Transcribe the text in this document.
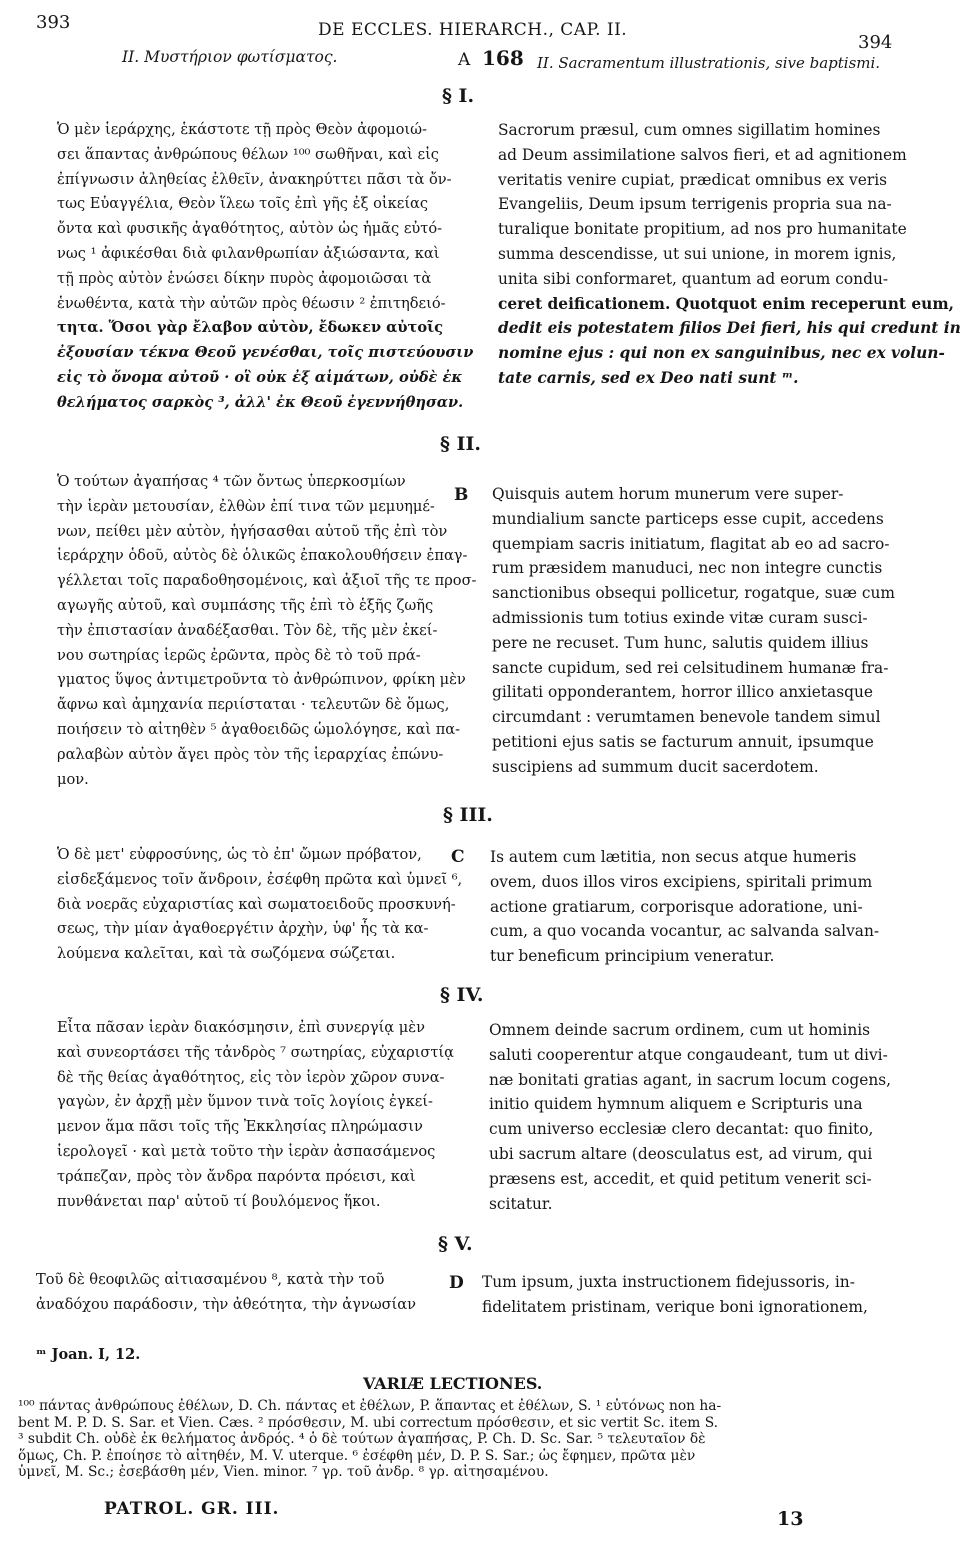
393	DE ECCLES. HIERARCH., CAP. II.
394
II. Μυστήριον φωτίσματος.	A 168 II. Sacramentum illustrationis, sive baptismi.
§ I.
Ὁ μὲν ἱεράρχης, ἑκάστοτε τῇ πρὸς Θεὸν ἀφομοιώ-
σει ἅπαντας ἀνθρώπους θέλων ¹⁰⁰ σωθῆναι, καὶ εἰς
ἐπίγνωσιν ἀληθείας ἐλθεῖν, ἀνακηρύττει πᾶσι τὰ ὄν-
τως Εὐαγγέλια, Θεὸν ἵλεω τοῖς ἐπὶ γῆς ἐξ οἰκείας
ὄντα καὶ φυσικῆς ἀγαθότητος, αὐτὸν ὡς ἡμᾶς εὐτό-
νως ¹ ἀφικέσθαι διὰ φιλανθρωπίαν ἀξιώσαντα, καὶ
τῇ πρὸς αὐτὸν ἑνώσει δίκην πυρὸς ἀφομοιῶσαι τὰ
ἑνωθέντα, κατὰ τὴν αὐτῶν πρὸς θέωσιν ² ἐπιτηδειό-
τητα. Ὅσοι γὰρ ἔλαβον αὐτὸν, ἔδωκεν αὐτοῖς
ἐξουσίαν τέκνα Θεοῦ γενέσθαι, τοῖς πιστεύουσιν
εἰς τὸ ὄνομα αὐτοῦ · οἳ οὐκ ἐξ αἱμάτων, οὐδὲ ἐκ
θελήματος σαρκὸς ³, ἀλλ' ἐκ Θεοῦ ἐγεννήθησαν.
Sacrorum præsul, cum omnes sigillatim homines
ad Deum assimilatione salvos fieri, et ad agnitionem
veritatis venire cupiat, prædicat omnibus ex veris
Evangeliis, Deum ipsum terrigenis propria sua na-
turalique bonitate propitium, ad nos pro humanitate
summa descendisse, ut sui unione, in morem ignis,
unita sibi conformaret, quantum ad eorum condu-
ceret deificationem. Quotquot enim receperunt eum,
dedit eis potestatem filios Dei fieri, his qui credunt in
nomine ejus : qui non ex sanguinibus, nec ex volun-
tate carnis, sed ex Deo nati sunt ᵐ.
§ II.
B
Ὁ τούτων ἀγαπήσας ⁴ τῶν ὄντως ὑπερκοσμίων
τὴν ἱερὰν μετουσίαν, ἐλθὼν ἐπί τινα τῶν μεμυημέ-
νων, πείθει μὲν αὐτὸν, ἡγήσασθαι αὐτοῦ τῆς ἐπὶ τὸν
ἱεράρχην ὁδοῦ, αὐτὸς δὲ ὁλικῶς ἐπακολουθήσειν ἐπαγ-
γέλλεται τοῖς παραδοθησομένοις, καὶ ἀξιοῖ τῆς τε προσ-
αγωγῆς αὐτοῦ, καὶ συμπάσης τῆς ἐπὶ τὸ ἑξῆς ζωῆς
τὴν ἐπιστασίαν ἀναδέξασθαι. Τὸν δὲ, τῆς μὲν ἐκεί-
νου σωτηρίας ἱερῶς ἐρῶντα, πρὸς δὲ τὸ τοῦ πρά-
γματος ὕψος ἀντιμετροῦντα τὸ ἀνθρώπινον, φρίκη μὲν
ἄφνω καὶ ἀμηχανία περιίσταται · τελευτῶν δὲ ὅμως,
ποιήσειν τὸ αἰτηθὲν ⁵ ἀγαθοειδῶς ὡμολόγησε, καὶ πα-
ραλαβὼν αὐτὸν ἄγει πρὸς τὸν τῆς ἱεραρχίας ἐπώνυ-
μον.
Quisquis autem horum munerum vere super-
mundialium sancte particeps esse cupit, accedens
quempiam sacris initiatum, flagitat ab eo ad sacro-
rum præsidem manuduci, nec non integre cunctis
sanctionibus obsequi pollicetur, rogatque, suæ cum
admissionis tum totius exinde vitæ curam susci-
pere ne recuset. Tum hunc, salutis quidem illius
sancte cupidum, sed rei celsitudinem humanæ fra-
gilitati opponderantem, horror illico anxietasque
circumdant : verumtamen benevole tandem simul
petitioni ejus satis se facturum annuit, ipsumque
suscipiens ad summum ducit sacerdotem.
§ III.
C
Ὁ δὲ μετ' εὐφροσύνης, ὡς τὸ ἐπ' ὤμων πρόβατον,
εἰσδεξάμενος τοῖν ἄνδροιν, ἐσέφθη πρῶτα καὶ ὑμνεῖ ⁶,
διὰ νοερᾶς εὐχαριστίας καὶ σωματοειδοῦς προσκυνή-
σεως, τὴν μίαν ἀγαθοεργέτιν ἀρχὴν, ὑφ' ἧς τὰ κα-
λούμενα καλεῖται, καὶ τὰ σωζόμενα σώζεται.
Is autem cum lætitia, non secus atque humeris
ovem, duos illos viros excipiens, spiritali primum
actione gratiarum, corporisque adoratione, uni-
cum, a quo vocanda vocantur, ac salvanda salvan-
tur beneficum principium veneratur.
§ IV.
Εἶτα πᾶσαν ἱερὰν διακόσμησιν, ἐπὶ συνεργίᾳ μὲν
καὶ συνεορτάσει τῆς τἀνδρὸς ⁷ σωτηρίας, εὐχαριστίᾳ
δὲ τῆς θείας ἀγαθότητος, εἰς τὸν ἱερὸν χῶρον συνα-
γαγὼν, ἐν ἀρχῇ μὲν ὕμνον τινὰ τοῖς λογίοις ἐγκεί-
μενον ἅμα πᾶσι τοῖς τῆς Ἐκκλησίας πληρώμασιν
ἱερολογεῖ · καὶ μετὰ τοῦτο τὴν ἱερὰν ἀσπασάμενος
τράπεζαν, πρὸς τὸν ἄνδρα παρόντα πρόεισι, καὶ
πυνθάνεται παρ' αὐτοῦ τί βουλόμενος ἥκοι.
Omnem deinde sacrum ordinem, cum ut hominis
saluti cooperentur atque congaudeant, tum ut divi-
næ bonitati gratias agant, in sacrum locum cogens,
initio quidem hymnum aliquem e Scripturis una
cum universo ecclesiæ clero decantat: quo finito,
ubi sacrum altare (deosculatus est, ad virum, qui
præsens est, accedit, et quid petitum venerit sci-
scitatur.
§ V.
D
Τοῦ δὲ θεοφιλῶς αἰτιασαμένου ⁸, κατὰ τὴν τοῦ
ἀναδόχου παράδοσιν, τὴν ἀθεότητα, τὴν ἀγνωσίαν
Tum ipsum, juxta instructionem fidejussoris, in-
fidelitatem pristinam, verique boni ignorationem,
ᵐ Joan. I, 12.
VARIÆ LECTIONES.
¹⁰⁰ πάντας ἀνθρώπους ἐθέλων, D. Ch. πάντας et ἐθέλων, P. ἅπαντας et ἐθέλων, S. ¹ εὐτόνως non ha-
bent M. P. D. S. Sar. et Vien. Cæs. ² πρόσθεσιν, M. ubi correctum πρόσθεσιν, et sic vertit Sc. item S.
³ subdit Ch. οὐδὲ ἐκ θελήματος ἀνδρός. ⁴ ὁ δὲ τούτων ἀγαπήσας, P. Ch. D. Sc. Sar. ⁵ τελευταῖον δὲ
ὅμως, Ch. P. ἐποίησε τὸ αἰτηθέν, M. V. uterque. ⁶ ἐσέφθη μέν, D. P. S. Sar.; ὡς ἔφημεν, πρῶτα μὲν
ὑμνεῖ, M. Sc.; ἐσεβάσθη μέν, Vien. minor. ⁷ γρ. τοῦ ἀνδρ. ⁸ γρ. αἰτησαμένου.
PATROL. GR. III.	13
